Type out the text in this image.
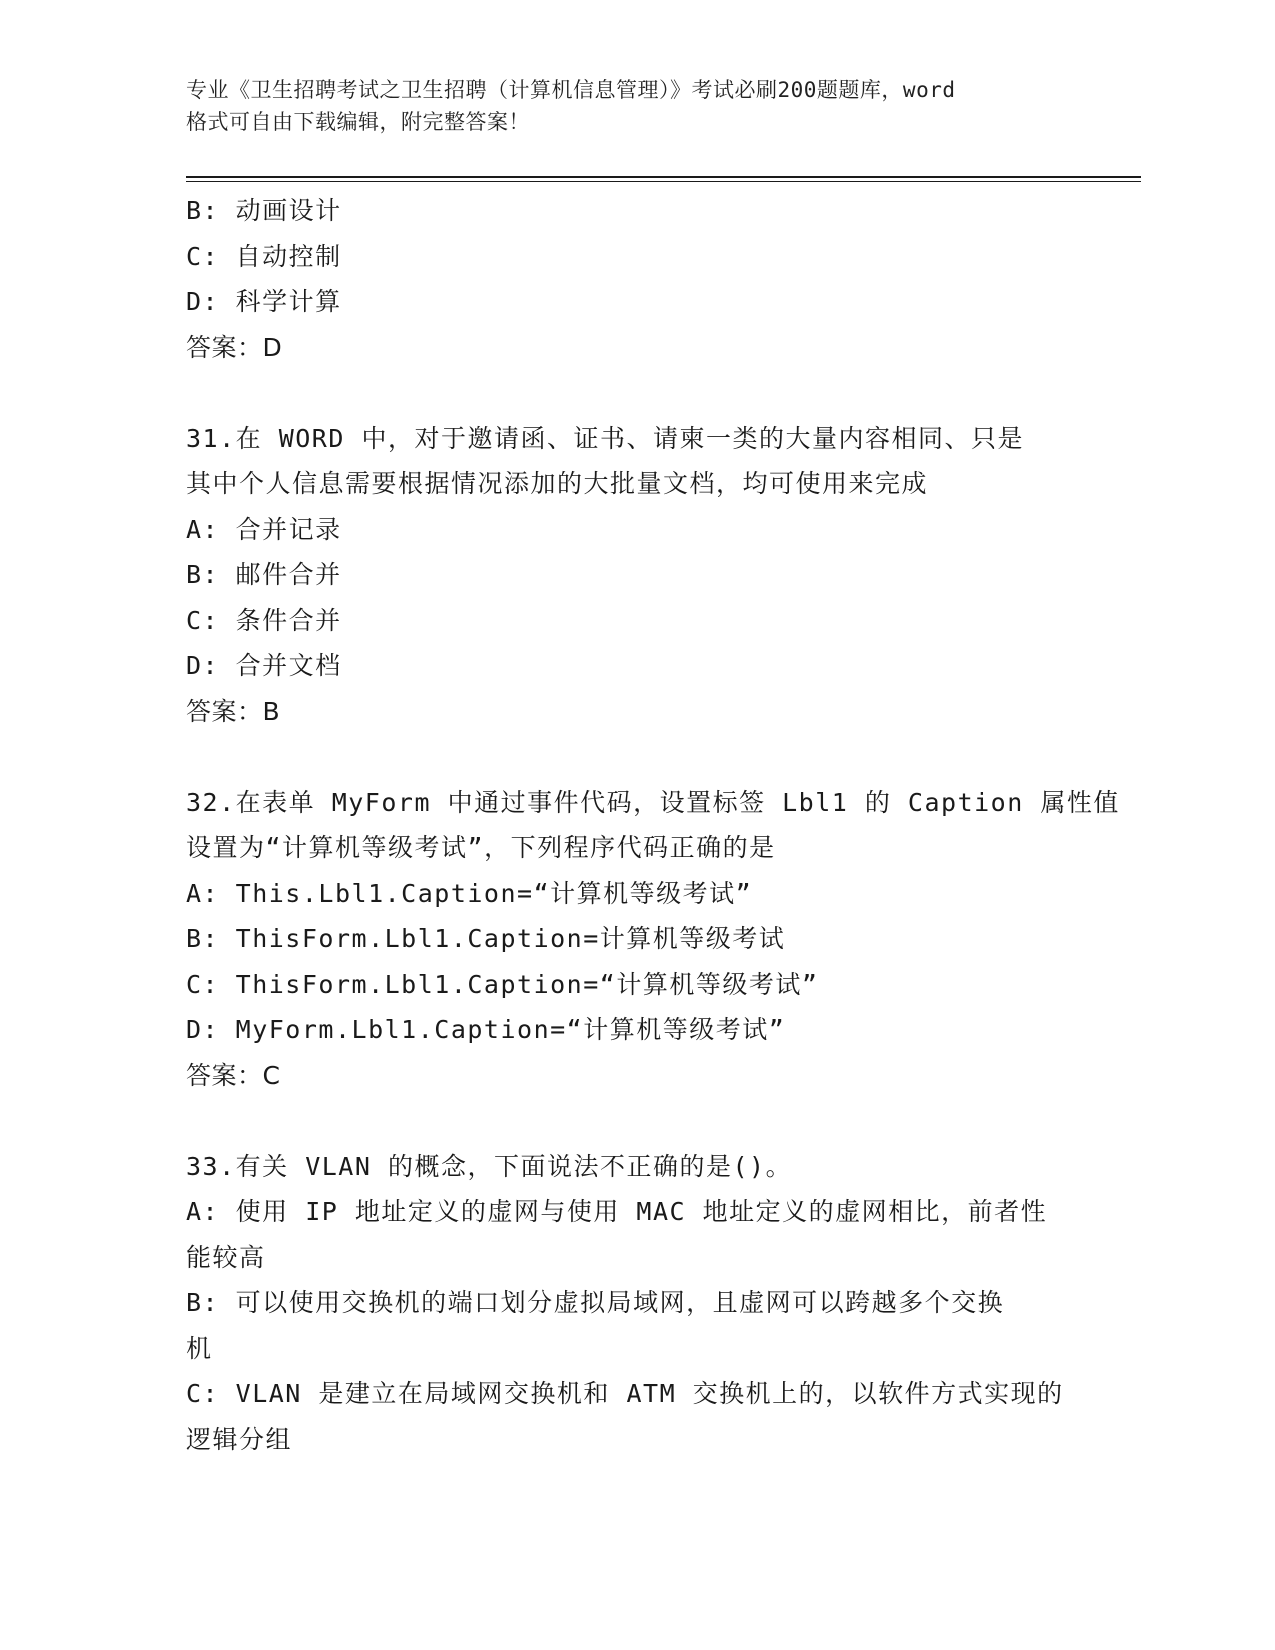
专业《卫生招聘考试之卫生招聘（计算机信息管理）》考试必刷200题题库，word
格式可自由下载编辑，附完整答案！
B: 动画设计
C: 自动控制
D: 科学计算
答案：D
31.在 WORD 中，对于邀请函、证书、请柬一类的大量内容相同、只是
其中个人信息需要根据情况添加的大批量文档，均可使用来完成
A: 合并记录
B: 邮件合并
C: 条件合并
D: 合并文档
答案：B
32.在表单 MyForm 中通过事件代码，设置标签 Lbl1 的 Caption 属性值
设置为“计算机等级考试”，下列程序代码正确的是
A: This.Lbl1.Caption=“计算机等级考试”
B: ThisForm.Lbl1.Caption=计算机等级考试
C: ThisForm.Lbl1.Caption=“计算机等级考试”
D: MyForm.Lbl1.Caption=“计算机等级考试”
答案：C
33.有关 VLAN 的概念，下面说法不正确的是()。
A: 使用 IP 地址定义的虚网与使用 MAC 地址定义的虚网相比，前者性
能较高
B: 可以使用交换机的端口划分虚拟局域网，且虚网可以跨越多个交换
机
C: VLAN 是建立在局域网交换机和 ATM 交换机上的，以软件方式实现的
逻辑分组
